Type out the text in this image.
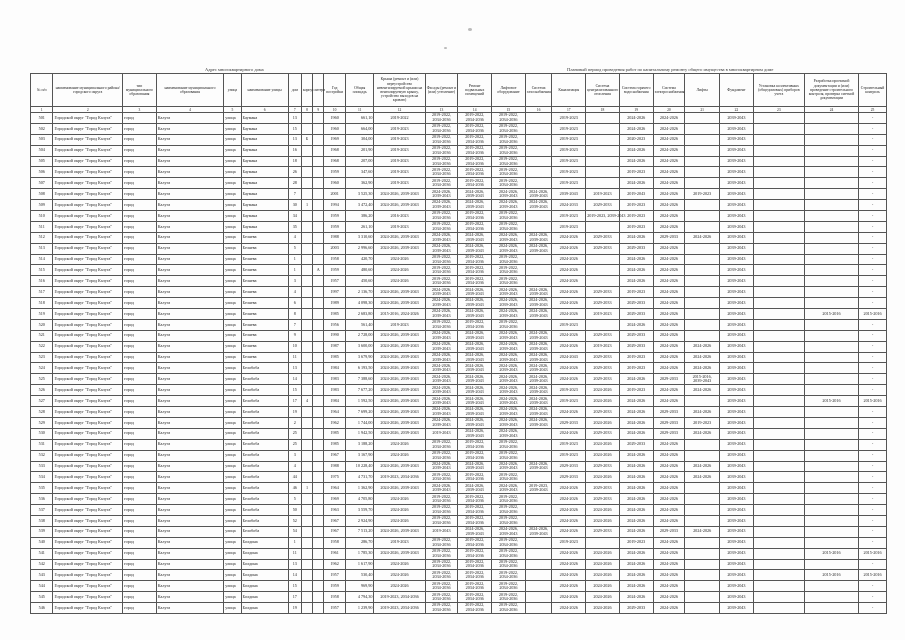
Адрес многоквартирного дома	Плановый период проведения работ по капитальному ремонту общего имущества в многоквартирном доме
№ п/п	наименование муниципального района/городского округа	тип муниципального образования	наименование муниципального образования	улица	наименование улицы	дом	корпус	литера	Год постройки	Общая площадь	Крыша (ремонт и (или) переустройство невентилируемой крыши на вентилируемую крышу, устройство выходов на кровлю)	Фасады (ремонт и (или) утепление)	Ремонт подвальных помещений	Лифтовое оборудование	Система газоснабжения	Канализация	Система централизованного отопления	Система горячего водоснабжения	Система электроснабжения	Лифты	Фундамент	Установка коллективных (общедомовых) приборов учета	Разработка проектной документации и (или) проведение строительного контроля, проверка сметной документации	Строительный контроль
1	2	3	4	5	6	7	8	9	10	11	12	13	14	15	16	17	18	19	20	21	22	23	24	25
501	Городской округ "Город Калуга"	город	Калуга	улица	Баумана	13			1960	661,10	2019-2022	2019-2022,
2034-2036	2019-2022,
2034-2036	2019-2022,
2034-2036		2019-2023		2024-2026	2024-2026		2039-2043			-
502	Городской округ "Город Калуга"	город	Калуга	улица	Баумана	15			1960	664,00	2019-2023	2019-2022,
2034-2036	2019-2022,
2034-2036	2019-2022,
2034-2036		2019-2023		2024-2026	2024-2026		2039-2043			-
503	Городской округ "Город Калуга"	город	Калуга	улица	Баумана	13	Б		1969	304,00	2019-2023	2019-2022,
2034-2036	2019-2022,
2034-2036	2019-2022,
2034-2036		2019-2023		2020-2023	2024-2026		2039-2043			-
504	Городской округ "Город Калуга"	город	Калуга	улица	Баумана	16			1968	201,90	2019-2023	2019-2022,
2034-2036	2019-2022,
2034-2036	2019-2022,
2034-2036		2019-2023		2024-2026	2024-2026		2039-2043			-
505	Городской округ "Город Калуга"	город	Калуга	улица	Баумана	18			1968	207,00	2019-2023	2019-2022,
2034-2036	2019-2022,
2034-2036	2019-2022,
2034-2036		2019-2023		2024-2026	2024-2026		2039-2043			-
506	Городской округ "Город Калуга"	город	Калуга	улица	Баумана	26			1959	347,60	2019-2023	2019-2022,
2034-2036	2019-2022,
2034-2036	2019-2022,
2034-2036		2019-2023		2019-2023	2024-2026		2039-2043			-
507	Городской округ "Город Калуга"	город	Калуга	улица	Баумана	28			1960	362,90	2019-2023	2019-2022,
2034-2036	2019-2022,
2034-2036	2019-2022,
2034-2036		2019-2023		2024-2026	2024-2026		2039-2043			-
508	Городской округ "Город Калуга"	город	Калуга	улица	Баумана	7			2001	3 525,30	2024-2026, 2039-2043	2024-2026,
2039-2043	2024-2026,
2039-2043	2024-2026,
2039-2043	2024-2026,
2039-2043	2039-2043	2019-2023	2019-2043	2024-2026	2019-2023	2039-2043			-
509	Городской округ "Город Калуга"	город	Калуга	улица	Баумана	30	1		1994	3 472,40	2024-2026, 2039-2043	2024-2026,
2039-2043	2024-2026,
2039-2043	2024-2026,
2039-2043	2024-2026,
2039-2043	2024-2033	2029-2033	2019-2023	2024-2026		2039-2043			-
510	Городской округ "Город Калуга"	город	Калуга	улица	Баумана	34			1959	386,20	2016-2023	2019-2022,
2034-2036	2019-2022,
2034-2036	2019-2022,
2034-2036		2019-2023	2019-2023, 2039-2043	2019-2023	2024-2026		2039-2043			-
511	Городской округ "Город Калуга"	город	Калуга	улица	Баумана	35			1959	261,10	2019-2023	2019-2022,
2034-2036	2019-2022,
2034-2036	2019-2022,
2034-2036		2019-2023		2019-2023	2024-2026		2039-2043			-
512	Городской округ "Город Калуга"	город	Калуга	улица	Беляева	4			1988	3 310,60	2024-2026, 2039-2043	2024-2026,
2039-2043	2024-2026,
2039-2043	2024-2026,
2039-2043	2024-2026,
2039-2043	2024-2026	2029-2033	2024-2026	2029-2033	2024-2026	2039-2043			-
513	Городской округ "Город Калуга"	город	Калуга	улица	Беляева	5			2003	2 996,60	2024-2026, 2039-2043	2024-2026,
2039-2043	2024-2026,
2039-2043	2024-2026,
2039-2043	2024-2026,
2039-2043	2024-2026	2029-2033	2029-2033	2024-2026		2039-2043			-
514	Городской округ "Город Калуга"	город	Калуга	улица	Беляева	1			1958	420,70	2024-2026	2019-2022,
2034-2036	2019-2022,
2034-2036	2019-2022,
2034-2036		2024-2026		2024-2026	2024-2026		2039-2043			-
515	Городской округ "Город Калуга"	город	Калуга	улица	Беляева	1		А	1959	480,60	2024-2026	2019-2022,
2034-2036	2019-2022,
2034-2036	2019-2022,
2034-2036		2024-2026		2024-2026	2024-2026		2039-2043			-
516	Городской округ "Город Калуга"	город	Калуга	улица	Беляева	3			1957	450,60	2024-2026	2019-2022,
2034-2036	2019-2022,
2034-2036	2019-2022,
2034-2036		2024-2026		2024-2026	2024-2026		2039-2043			-
517	Городской округ "Город Калуга"	город	Калуга	улица	Беляева	4			1997	2 136,70	2024-2026, 2039-2043	2024-2026,
2039-2043	2024-2026,
2039-2043	2024-2026,
2039-2043	2024-2026,
2039-2043	2024-2026	2029-2033	2019-2023	2024-2026		2039-2043			-
518	Городской округ "Город Калуга"	город	Калуга	улица	Беляева	6			1989	4 098,30	2024-2026, 2039-2043	2024-2026,
2039-2043	2024-2026,
2039-2043	2024-2026,
2039-2043	2024-2026,
2039-2043	2024-2026	2029-2033	2029-2033	2024-2026		2039-2043			-
519	Городской округ "Город Калуга"	город	Калуга	улица	Беляева	8			1985	2 683,80	2015-2016, 2024-2026	2024-2026,
2039-2043	2024-2026,
2039-2043	2024-2026,
2039-2043	2024-2026,
2039-2043	2024-2026	2019-2023	2029-2033	2024-2026		2039-2043		2015-2016	2015-2016
520	Городской округ "Город Калуга"	город	Калуга	улица	Беляева	7			1956	561,40	2019-2023	2019-2022,
2034-2036	2019-2022,
2034-2036	2019-2022,
2034-2036		2019-2023		2024-2026	2024-2026		2039-2043			-
521	Городской округ "Город Калуга"	город	Калуга	улица	Беляева	9			1990	2 728,00	2024-2026, 2039-2043	2024-2026,
2039-2043	2024-2026,
2039-2043	2024-2026,
2039-2043	2024-2026,
2039-2043	2024-2026	2029-2033	2029-2033	2024-2026		2039-2043			-
522	Городской округ "Город Калуга"	город	Калуга	улица	Беляева	10			1987	3 600,00	2024-2026, 2039-2043	2024-2026,
2039-2043	2024-2026,
2039-2043	2024-2026,
2039-2043	2024-2026,
2039-2043	2024-2026	2019-2023	2029-2033	2024-2026	2024-2026	2039-2043			-
523	Городской округ "Город Калуга"	город	Калуга	улица	Беляева	11			1985	3 679,90	2024-2026, 2039-2043	2024-2026,
2039-2043	2024-2026,
2039-2043	2024-2026,
2039-2043	2024-2026,
2039-2043	2024-2043	2029-2033	2019-2023	2024-2026	2024-2026	2039-2043			-
524	Городской округ "Город Калуга"	город	Калуга	улица	Белобоба	13			1984	6 193,50	2024-2026, 2039-2043	2024-2026,
2039-2043	2024-2026,
2039-2043	2024-2026,
2039-2043	2024-2026,
2039-2043	2024-2026	2029-2033	2019-2023	2024-2026	2024-2026	2039-2043			-
525	Городской округ "Город Калуга"	город	Калуга	улица	Белобоба	14			1983	7 388,60	2024-2026, 2039-2043	2024-2026,
2039-2043	2024-2026,
2039-2043	2024-2026,
2039-2043	2024-2026,
2039-2043	2024-2026	2029-2033	2024-2026	2029-2033	2015-2016,
2039-2043	2039-2043			-
526	Городской округ "Город Калуга"	город	Калуга	улица	Белобоба	15			1983	7 677,20	2024-2026, 2039-2043	2024-2026,
2039-2043	2024-2026,
2039-2043	2024-2026,
2039-2043	2024-2026,
2039-2043	2019-2023	2024-2026	2019-2023	2024-2026	2024-2026	2039-2043			-
527	Городской округ "Город Калуга"	город	Калуга	улица	Белобоба	17	4		1984	1 592,50	2024-2026, 2039-2043	2024-2026,
2039-2043	2024-2026,
2039-2043	2024-2026,
2039-2043	2024-2026,
2039-2043	2019-2023	2024-2026	2024-2026	2024-2026		2039-2043		2015-2016	2015-2016
528	Городской округ "Город Калуга"	город	Калуга	улица	Белобоба	19			1964	7 699,20	2024-2026, 2039-2043	2024-2026,
2039-2043	2024-2026,
2039-2043	2024-2026,
2039-2043	2024-2026,
2039-2043	2024-2026	2029-2033	2024-2026	2029-2033	2024-2026	2039-2043			-
529	Городской округ "Город Калуга"	город	Калуга	улица	Белобоба	2			1962	1 744,00	2024-2026, 2039-2043	2024-2026,
2039-2043	2024-2026,
2039-2043	2024-2026,
2039-2043	2024-2026,
2039-2043	2029-2033	2024-2026	2024-2026	2029-2033	2019-2023	2039-2043			-
530	Городской округ "Город Калуга"	город	Калуга	улица	Белобоба	25			1985	1 942,50	2024-2026, 2039-2043	2019-2043	2024-2026,
2039-2043	2024-2026,
2039-2043		2024-2026	2029-2033	2024-2026	2029-2033	2024-2026	2039-2043			-
531	Городской округ "Город Калуга"	город	Калуга	улица	Белобоба	25			1985	3 188,20	2024-2026	2019-2022,
2034-2036	2019-2022,
2034-2036	2019-2022,
2034-2036		2019-2023	2024-2026	2029-2033	2024-2026		2039-2043			-
532	Городской округ "Город Калуга"	город	Калуга	улица	Белобоба	3			1967	3 167,90	2024-2026	2019-2022,
2034-2036	2019-2022,
2034-2036	2019-2022,
2034-2036		2019-2023	2024-2026	2024-2026	2024-2026		2039-2043			-
533	Городской округ "Город Калуга"	город	Калуга	улица	Белобоба	4			1988	10 228,40	2024-2026, 2039-2043	2024-2026,
2039-2043	2024-2026,
2039-2043	2024-2026,
2039-2043	2024-2026,
2039-2043	2029-2033	2029-2033	2024-2026	2024-2026	2024-2026	2039-2043			-
534	Городской округ "Город Калуга"	город	Калуга	улица	Белобоба	44			1975	4 731,70	2019-2023, 2034-2036	2019-2022,
2034-2036	2019-2022,
2034-2036	2019-2022,
2034-2036		2029-2033	2024-2026	2024-2026	2024-2026	2024-2026	2039-2043			-
535	Городской округ "Город Калуга"	город	Калуга	улица	Белобоба	46	1		1964	1 362,90	2024-2026, 2039-2043	2024-2026,
2039-2043	2024-2026,
2039-2043	2024-2026,
2039-2043	2019-2023,
2039-2043	2024-2026	2029-2033	2024-2026	2024-2026		2039-2043			-
536	Городской округ "Город Калуга"	город	Калуга	улица	Белобоба	5			1969	4 705,80	2024-2026	2019-2022,
2034-2036	2019-2022,
2034-2036	2019-2022,
2034-2036		2024-2026	2029-2033	2024-2026	2024-2026		2039-2043			-
537	Городской округ "Город Калуга"	город	Калуга	улица	Белобоба	50			1963	3 559,70	2024-2026	2019-2022,
2034-2036	2019-2022,
2034-2036	2019-2022,
2034-2036		2024-2026	2024-2026	2024-2026	2024-2026		2039-2043			-
538	Городской округ "Город Калуга"	город	Калуга	улица	Белобоба	52			1967	2 924,90	2024-2026	2019-2022,
2034-2036	2019-2022,
2034-2036	2019-2022,
2034-2036		2024-2026	2024-2026	2024-2026	2024-2026		2039-2043			-
539	Городской округ "Город Калуга"	город	Калуга	улица	Белобоба	54			1967	7 513,20	2024-2026, 2039-2043	2019-2043	2024-2026,
2039-2043	2024-2026,
2039-2043	2024-2026,
2039-2043	2024-2026	2029-2033	2024-2026	2029-2033	2024-2026	2039-2043			-
540	Городской округ "Город Калуга"	город	Калуга	улица	Болдина	1			1958	286,70	2019-2023	2019-2022,
2034-2036	2019-2022,
2034-2036	2019-2022,
2034-2036		2019-2023		2019-2023	2024-2026		2039-2043			-
541	Городской округ "Город Калуга"	город	Калуга	улица	Болдина	11			1961	1 785,30	2024-2026, 2039-2043	2019-2022,
2034-2036	2019-2022,
2034-2036	2019-2022,
2034-2036		2024-2026	2024-2026	2024-2026	2024-2026		2039-2043		2015-2016	2015-2016
542	Городской округ "Город Калуга"	город	Калуга	улица	Болдина	13			1962	1 617,90	2024-2026	2019-2022,
2034-2036	2019-2022,
2034-2036	2019-2022,
2034-2036		2024-2026	2024-2026	2024-2026	2024-2026		2039-2043			-
543	Городской округ "Город Калуга"	город	Калуга	улица	Болдина	14			1957	530,40	2024-2026	2019-2022,
2034-2036	2019-2022,
2034-2036	2019-2022,
2034-2036		2024-2026	2024-2026	2024-2026	2024-2026		2039-2043		2015-2016	2015-2016
544	Городской округ "Город Калуга"	город	Калуга	улица	Болдина	15			1959	969,90	2024-2026	2019-2022,
2034-2036	2019-2022,
2034-2036	2019-2022,
2034-2036		2024-2026	2024-2026	2024-2026	2024-2026		2039-2043			-
545	Городской округ "Город Калуга"	город	Калуга	улица	Болдина	17			1958	4 794,30	2019-2023, 2034-2036	2019-2022,
2034-2036	2019-2022,
2034-2036	2019-2022,
2034-2036		2024-2026	2024-2026	2024-2026	2024-2026		2039-2043			-
546	Городской округ "Город Калуга"	город	Калуга	улица	Болдина	19			1957	1 239,90	2019-2023, 2034-2036	2019-2022,
2034-2036	2019-2022,
2034-2036	2019-2022,
2034-2036		2024-2026	2024-2026	2029-2033	2024-2026		2039-2043			-
